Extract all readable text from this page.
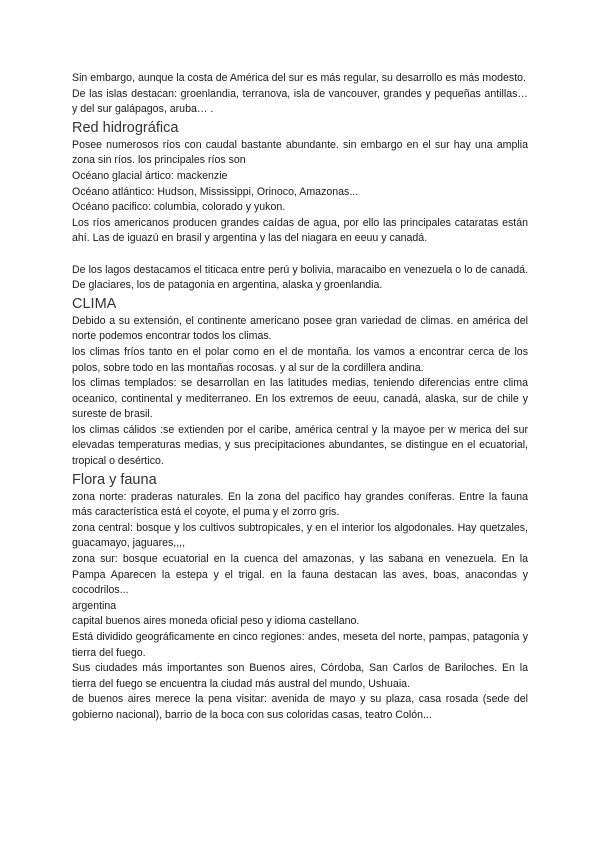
Sin embargo, aunque la costa de América del sur es más regular, su desarrollo es más modesto.

De las islas destacan: groenlandia, terranova, isla de vancouver, grandes y pequeñas antillas… y del sur galápagos, aruba… .

Red hidrográfica

Posee numerosos ríos con caudal bastante abundante. sin embargo en el sur hay una amplia zona sin ríos. los principales ríos son

Océano glacial ártico: mackenzie

Océano atlántico: Hudson, Mississippi, Orinoco, Amazonas...

Océano pacifico: columbia, colorado y yukon.

Los ríos americanos producen grandes caídas de agua, por ello las principales cataratas están ahí. Las de iguazú en brasil y argentina y las del niagara en eeuu y canadá.

De los lagos destacamos el titicaca entre perú y bolivia, maracaibo en venezuela o lo de canadá. De glaciares, los de patagonia en argentina, alaska y groenlandia.

CLIMA

Debido a su extensión, el continente americano posee gran variedad de climas. en américa del norte podemos encontrar todos los climas.

los climas fríos tanto en el polar como en el de montaña. los vamos a encontrar cerca de los polos, sobre todo en las montañas rocosas. y al sur de la cordillera andina.

los climas templados: se desarrollan en las latitudes medias, teniendo diferencias entre clima oceanico, continental y mediterraneo. En los extremos de eeuu, canadá, alaska, sur de chile y sureste de brasil.

los climas cálidos :se extienden por el caribe, américa central y la mayoe per w merica del sur elevadas temperaturas medias, y sus precipitaciones abundantes, se distingue en el ecuatorial, tropical o desértico.

Flora y fauna

zona norte: praderas naturales. En la zona del pacifico hay grandes coníferas. Entre la fauna más característica está el coyote, el puma y el zorro gris.

zona central: bosque y los cultivos subtropicales, y en el interior los algodonales. Hay quetzales, guacamayo, jaguares,,,,

zona sur: bosque ecuatorial en la cuenca del amazonas, y las sabana en venezuela. En la Pampa Aparecen la estepa y el trigal. en la fauna destacan las aves, boas, anacondas y cocodrilos...

argentina

capital buenos aires moneda oficial peso y idioma castellano.

Está dividido geográficamente en cinco regiones: andes, meseta del norte, pampas, patagonia y tierra del fuego.

Sus ciudades más importantes son Buenos aires, Córdoba, San Carlos de Bariloches. En la tierra del fuego se encuentra la ciudad más austral del mundo, Ushuaia.

de buenos aires merece la pena visitar: avenida de mayo y su plaza, casa rosada (sede del gobierno nacional), barrio de la boca con sus coloridas casas, teatro Colón...
